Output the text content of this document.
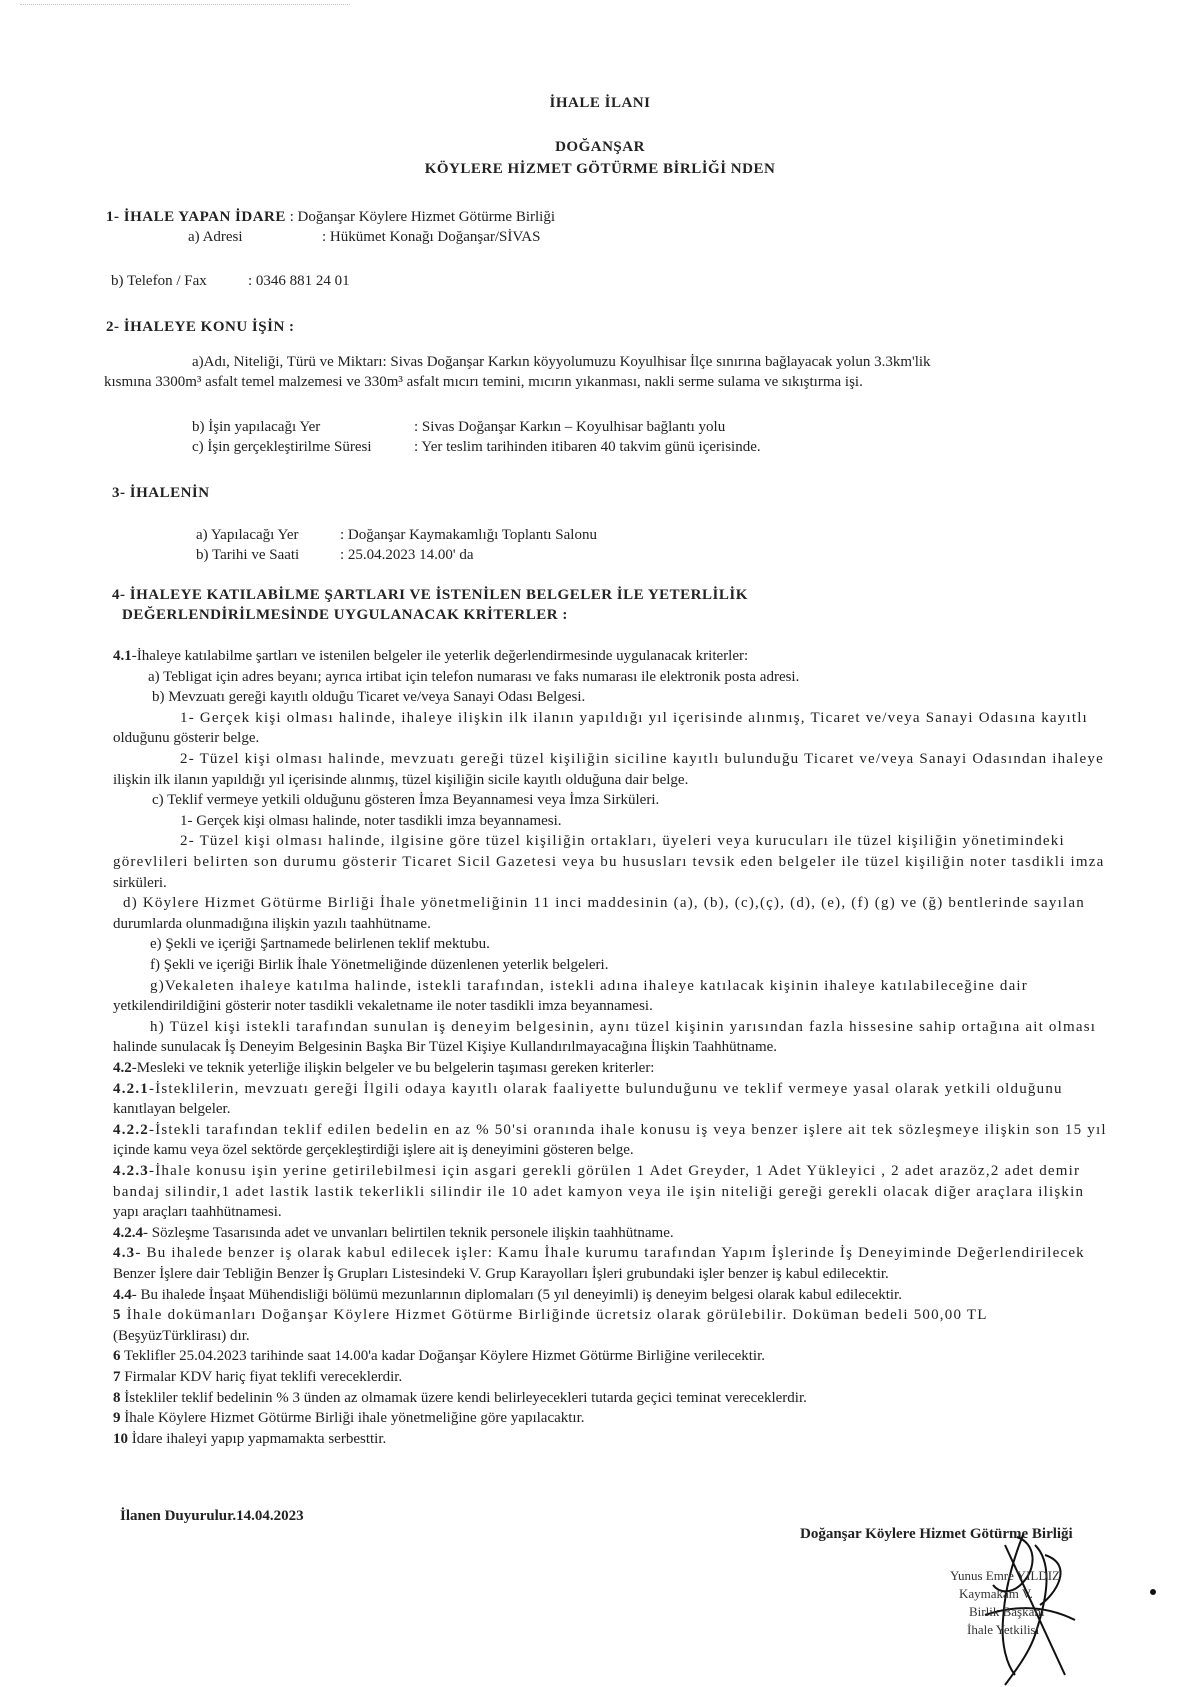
İHALE İLANI
DOĞANŞAR
KÖYLERE HİZMET GÖTÜRME BİRLİĞİ NDEN
1- İHALE YAPAN İDARE : Doğanşar Köylere Hizmet Götürme Birliği
a) Adresi	: Hükümet Konağı Doğanşar/SİVAS
b) Telefon / Fax	: 0346 881 24 01
2- İHALEYE KONU İŞİN :
a)Adı, Niteliği, Türü ve Miktarı: Sivas Doğanşar Karkın köyyolumuzu Koyulhisar İlçe sınırına bağlayacak yolun 3.3km'lik
kısmına 3300m³ asfalt temel malzemesi ve 330m³ asfalt mıcırı temini, mıcırın yıkanması, nakli serme sulama ve sıkıştırma işi.
b) İşin yapılacağı Yer	: Sivas Doğanşar Karkın – Koyulhisar bağlantı yolu
c) İşin gerçekleştirilme Süresi	: Yer teslim tarihinden itibaren 40 takvim günü içerisinde.
3- İHALENİN
a) Yapılacağı Yer	: Doğanşar Kaymakamlığı Toplantı Salonu
b) Tarihi ve Saati	: 25.04.2023 14.00' da
4- İHALEYE KATILABİLME ŞARTLARI VE İSTENİLEN BELGELER İLE YETERLİLİK
DEĞERLENDİRİLMESİNDE UYGULANACAK KRİTERLER :
4.1-İhaleye katılabilme şartları ve istenilen belgeler ile yeterlik değerlendirmesinde uygulanacak kriterler:
a) Tebligat için adres beyanı; ayrıca irtibat için telefon numarası ve faks numarası ile elektronik posta adresi.
b) Mevzuatı gereği kayıtlı olduğu Ticaret ve/veya Sanayi Odası Belgesi.
1- Gerçek kişi olması halinde, ihaleye ilişkin ilk ilanın yapıldığı yıl içerisinde alınmış, Ticaret ve/veya Sanayi Odasına kayıtlı
olduğunu gösterir belge.
2- Tüzel kişi olması halinde, mevzuatı gereği tüzel kişiliğin siciline kayıtlı bulunduğu Ticaret ve/veya Sanayi Odasından ihaleye
ilişkin ilk ilanın yapıldığı yıl içerisinde alınmış, tüzel kişiliğin sicile kayıtlı olduğuna dair belge.
c) Teklif vermeye yetkili olduğunu gösteren İmza Beyannamesi veya İmza Sirküleri.
1- Gerçek kişi olması halinde, noter tasdikli imza beyannamesi.
2- Tüzel kişi olması halinde, ilgisine göre tüzel kişiliğin ortakları, üyeleri veya kurucuları ile tüzel kişiliğin yönetimindeki
görevlileri belirten son durumu gösterir Ticaret Sicil Gazetesi veya bu hususları tevsik eden belgeler ile tüzel kişiliğin noter tasdikli imza
sirküleri.
d) Köylere Hizmet Götürme Birliği İhale yönetmeliğinin 11 inci maddesinin (a), (b), (c),(ç), (d), (e), (f) (g) ve (ğ) bentlerinde sayılan
durumlarda olunmadığına ilişkin yazılı taahhütname.
e) Şekli ve içeriği Şartnamede belirlenen teklif mektubu.
f) Şekli ve içeriği Birlik İhale Yönetmeliğinde düzenlenen yeterlik belgeleri.
g)Vekaleten ihaleye katılma halinde, istekli tarafından, istekli adına ihaleye katılacak kişinin ihaleye katılabileceğine dair
yetkilendirildiğini gösterir noter tasdikli vekaletname ile noter tasdikli imza beyannamesi.
h) Tüzel kişi istekli tarafından sunulan iş deneyim belgesinin, aynı tüzel kişinin yarısından fazla hissesine sahip ortağına ait olması
halinde sunulacak İş Deneyim Belgesinin Başka Bir Tüzel Kişiye Kullandırılmayacağına İlişkin Taahhütname.
4.2-Mesleki ve teknik yeterliğe ilişkin belgeler ve bu belgelerin taşıması gereken kriterler:
4.2.1-İsteklilerin, mevzuatı gereği İlgili odaya kayıtlı olarak faaliyette bulunduğunu ve teklif vermeye yasal olarak yetkili olduğunu
kanıtlayan belgeler.
4.2.2-İstekli tarafından teklif edilen bedelin en az % 50'si oranında ihale konusu iş veya benzer işlere ait tek sözleşmeye ilişkin son 15 yıl
içinde kamu veya özel sektörde gerçekleştirdiği işlere ait iş deneyimini gösteren belge.
4.2.3-İhale konusu işin yerine getirilebilmesi için asgari gerekli görülen 1 Adet Greyder, 1 Adet Yükleyici , 2 adet arazöz,2 adet demir
bandaj silindir,1 adet lastik lastik tekerlikli silindir ile 10 adet kamyon veya ile işin niteliği gereği gerekli olacak diğer araçlara ilişkin
yapı araçları taahhütnamesi.
4.2.4- Sözleşme Tasarısında adet ve unvanları belirtilen teknik personele ilişkin taahhütname.
4.3- Bu ihalede benzer iş olarak kabul edilecek işler: Kamu İhale kurumu tarafından Yapım İşlerinde İş Deneyiminde Değerlendirilecek
Benzer İşlere dair Tebliğin Benzer İş Grupları Listesindeki V. Grup Karayolları İşleri grubundaki işler benzer iş kabul edilecektir.
4.4- Bu ihalede İnşaat Mühendisliği bölümü mezunlarının diplomaları (5 yıl deneyimli) iş deneyim belgesi olarak kabul edilecektir.
5 İhale dokümanları Doğanşar Köylere Hizmet Götürme Birliğinde ücretsiz olarak görülebilir. Doküman bedeli 500,00 TL
(BeşyüzTürklirası) dır.
6 Teklifler 25.04.2023 tarihinde saat 14.00'a kadar Doğanşar Köylere Hizmet Götürme Birliğine verilecektir.
7 Firmalar KDV hariç fiyat teklifi vereceklerdir.
8 İstekliler teklif bedelinin % 3 ünden az olmamak üzere kendi belirleyecekleri tutarda geçici teminat vereceklerdir.
9 İhale Köylere Hizmet Götürme Birliği ihale yönetmeliğine göre yapılacaktır.
10 İdare ihaleyi yapıp yapmamakta serbesttir.
İlanen Duyurulur.14.04.2023
Doğanşar Köylere Hizmet Götürme Birliği
Yunus Emre YILDIZ
Kaymakam V.
Birlik Başkanı
İhale Yetkilisi
